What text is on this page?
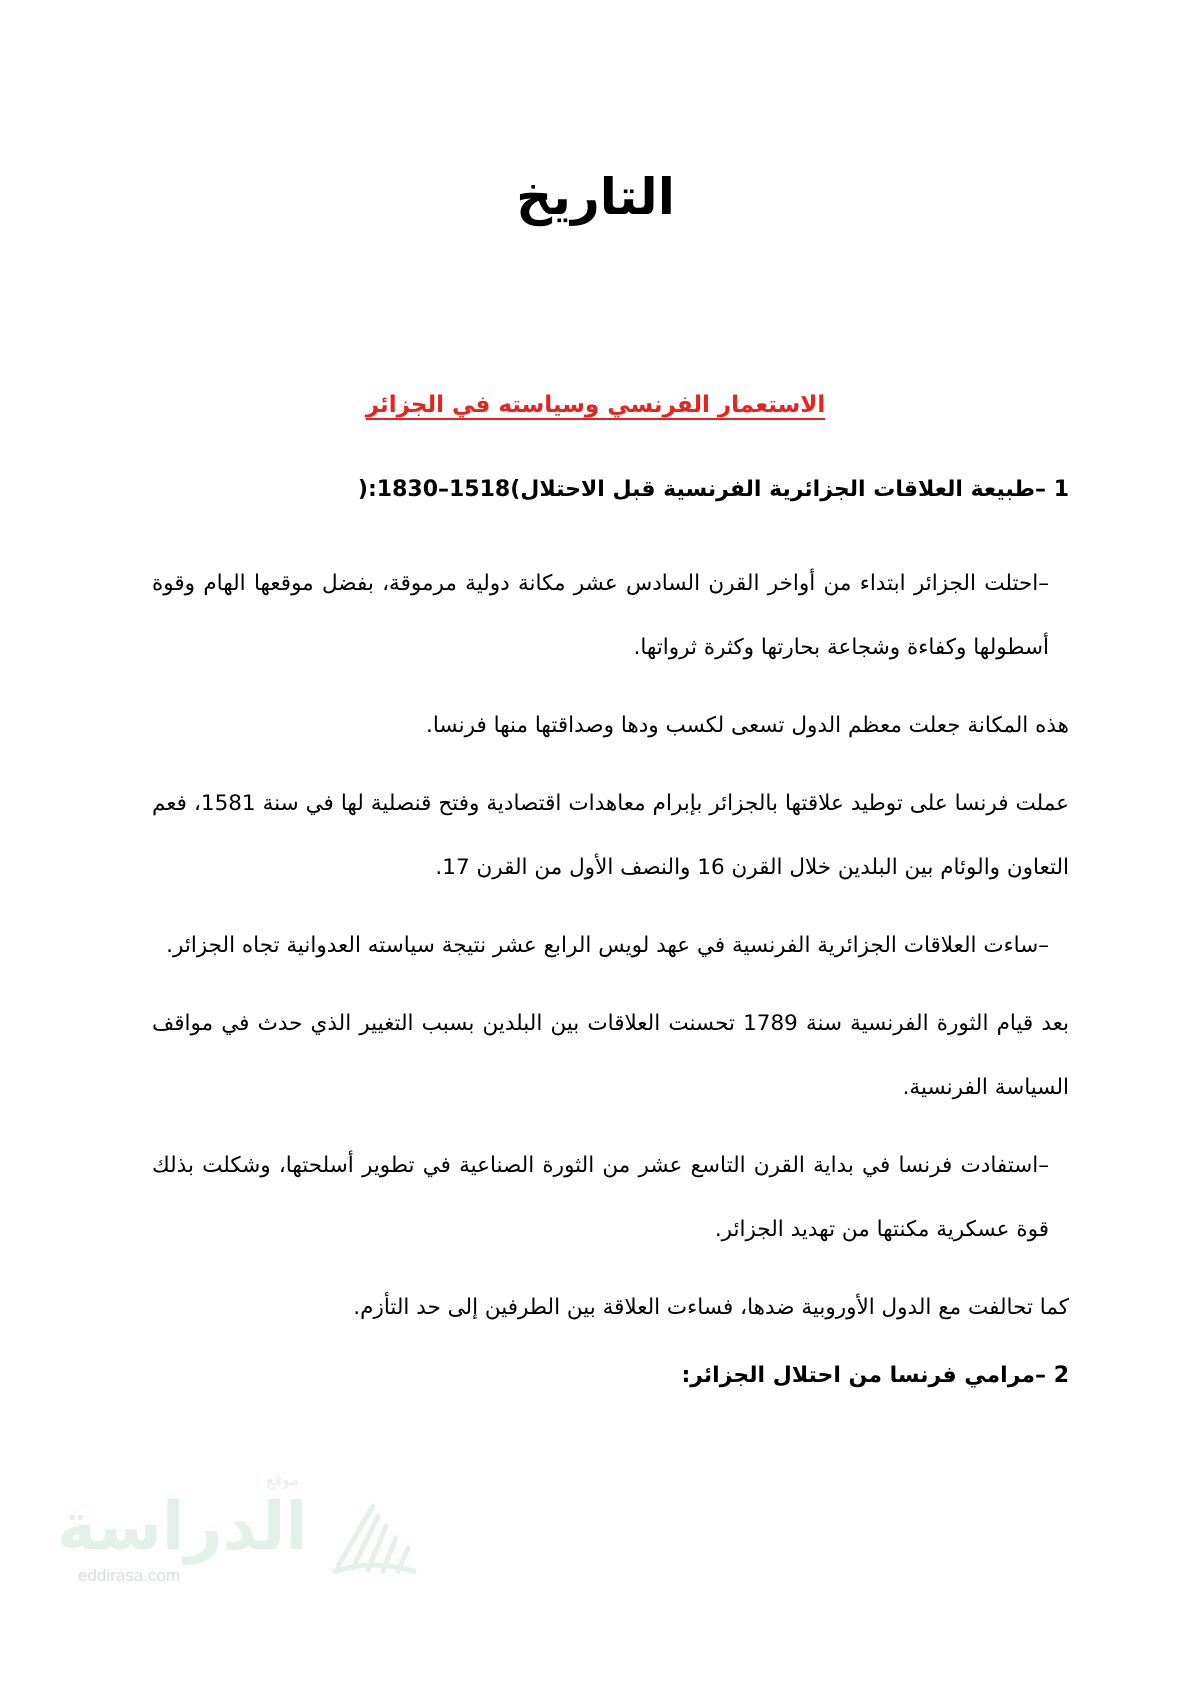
التاريخ
الاستعمار الفرنسي وسياسته في الجزائر
1 –طبيعة العلاقات الجزائرية الفرنسية قبل الاحتلال)1518–1830:(
–احتلت الجزائر ابتداء من أواخر القرن السادس عشر مكانة دولية مرموقة، بفضل موقعها الهام وقوة أسطولها وكفاءة وشجاعة بحارتها وكثرة ثرواتها.
هذه المكانة جعلت معظم الدول تسعى لكسب ودها وصداقتها منها فرنسا.
عملت فرنسا على توطيد علاقتها بالجزائر بإبرام معاهدات اقتصادية وفتح قنصلية لها في سنة 1581، فعم التعاون والوئام بين البلدين خلال القرن 16 والنصف الأول من القرن 17.
–ساءت العلاقات الجزائرية الفرنسية في عهد لويس الرابع عشر نتيجة سياسته العدوانية تجاه الجزائر.
بعد قيام الثورة الفرنسية سنة 1789 تحسنت العلاقات بين البلدين بسبب التغيير الذي حدث في مواقف السياسة الفرنسية.
–استفادت فرنسا في بداية القرن التاسع عشر من الثورة الصناعية في تطوير أسلحتها، وشكلت بذلك قوة عسكرية مكنتها من تهديد الجزائر.
كما تحالفت مع الدول الأوروبية ضدها، فساءت العلاقة بين الطرفين إلى حد التأزم.
2 –مرامي فرنسا من احتلال الجزائر:
موقع
الدراسة
eddirasa.com
